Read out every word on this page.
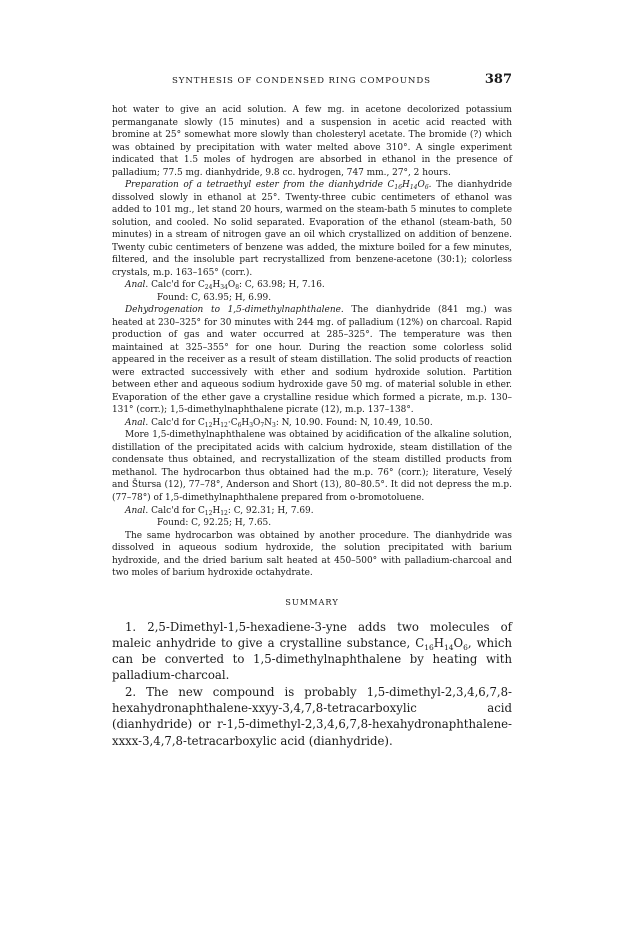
SYNTHESIS OF CONDENSED RING COMPOUNDS	387

hot water to give an acid solution. A few mg. in acetone decolorized potassium permanganate slowly (15 minutes) and a suspension in acetic acid reacted with bromine at 25° somewhat more slowly than cholesteryl acetate. The bromide (?) which was obtained by precipitation with water melted above 310°. A single experiment indicated that 1.5 moles of hydrogen are absorbed in ethanol in the presence of palladium; 77.5 mg. dianhydride, 9.8 cc. hydrogen, 747 mm., 27°, 2 hours.

Preparation of a tetraethyl ester from the dianhydride $C_{16}H_{14}O_6$. The dianhydride dissolved slowly in ethanol at 25°. Twenty-three cubic centimeters of ethanol was added to 101 mg., let stand 20 hours, warmed on the steam-bath 5 minutes to complete solution, and cooled. No solid separated. Evaporation of the ethanol (steam-bath, 50 minutes) in a stream of nitrogen gave an oil which crystallized on addition of benzene. Twenty cubic centimeters of benzene was added, the mixture boiled for a few minutes, filtered, and the insoluble part recrystallized from benzene-acetone (30:1); colorless crystals, m.p. 163–165° (corr.).

Anal. Calc'd for $C_{24}H_{34}O_8$: C, 63.98; H, 7.16.

Found: C, 63.95; H, 6.99.

Dehydrogenation to 1,5-dimethylnaphthalene. The dianhydride (841 mg.) was heated at 230–325° for 30 minutes with 244 mg. of palladium (12%) on charcoal. Rapid production of gas and water occurred at 285–325°. The temperature was then maintained at 325–355° for one hour. During the reaction some colorless solid appeared in the receiver as a result of steam distillation. The solid products of reaction were extracted successively with ether and sodium hydroxide solution. Partition between ether and aqueous sodium hydroxide gave 50 mg. of material soluble in ether. Evaporation of the ether gave a crystalline residue which formed a picrate, m.p. 130–131° (corr.); 1,5-dimethylnaphthalene picrate (12), m.p. 137–138°.

Anal. Calc'd for $C_{12}H_{12}\cdot C_6H_3O_7N_3$: N, 10.90. Found: N, 10.49, 10.50.

More 1,5-dimethylnaphthalene was obtained by acidification of the alkaline solution, distillation of the precipitated acids with calcium hydroxide, steam distillation of the condensate thus obtained, and recrystallization of the steam distilled products from methanol. The hydrocarbon thus obtained had the m.p. 76° (corr.); literature, Veselý and Štursa (12), 77–78°, Anderson and Short (13), 80–80.5°. It did not depress the m.p. (77–78°) of 1,5-dimethylnaphthalene prepared from o-bromotoluene.

Anal. Calc'd for $C_{12}H_{12}$: C, 92.31; H, 7.69.

Found: C, 92.25; H, 7.65.

The same hydrocarbon was obtained by another procedure. The dianhydride was dissolved in aqueous sodium hydroxide, the solution precipitated with barium hydroxide, and the dried barium salt heated at 450–500° with palladium-charcoal and two moles of barium hydroxide octahydrate.

SUMMARY

1. 2,5-Dimethyl-1,5-hexadiene-3-yne adds two molecules of maleic anhydride to give a crystalline substance, $C_{16}H_{14}O_6$, which can be converted to 1,5-dimethylnaphthalene by heating with palladium-charcoal.

2. The new compound is probably 1,5-dimethyl-2,3,4,6,7,8-hexahydronaphthalene-xxyy-3,4,7,8-tetracarboxylic acid (dianhydride) or r-1,5-dimethyl-2,3,4,6,7,8-hexahydronaphthalene-xxxx-3,4,7,8-tetracarboxylic acid (dianhydride).
